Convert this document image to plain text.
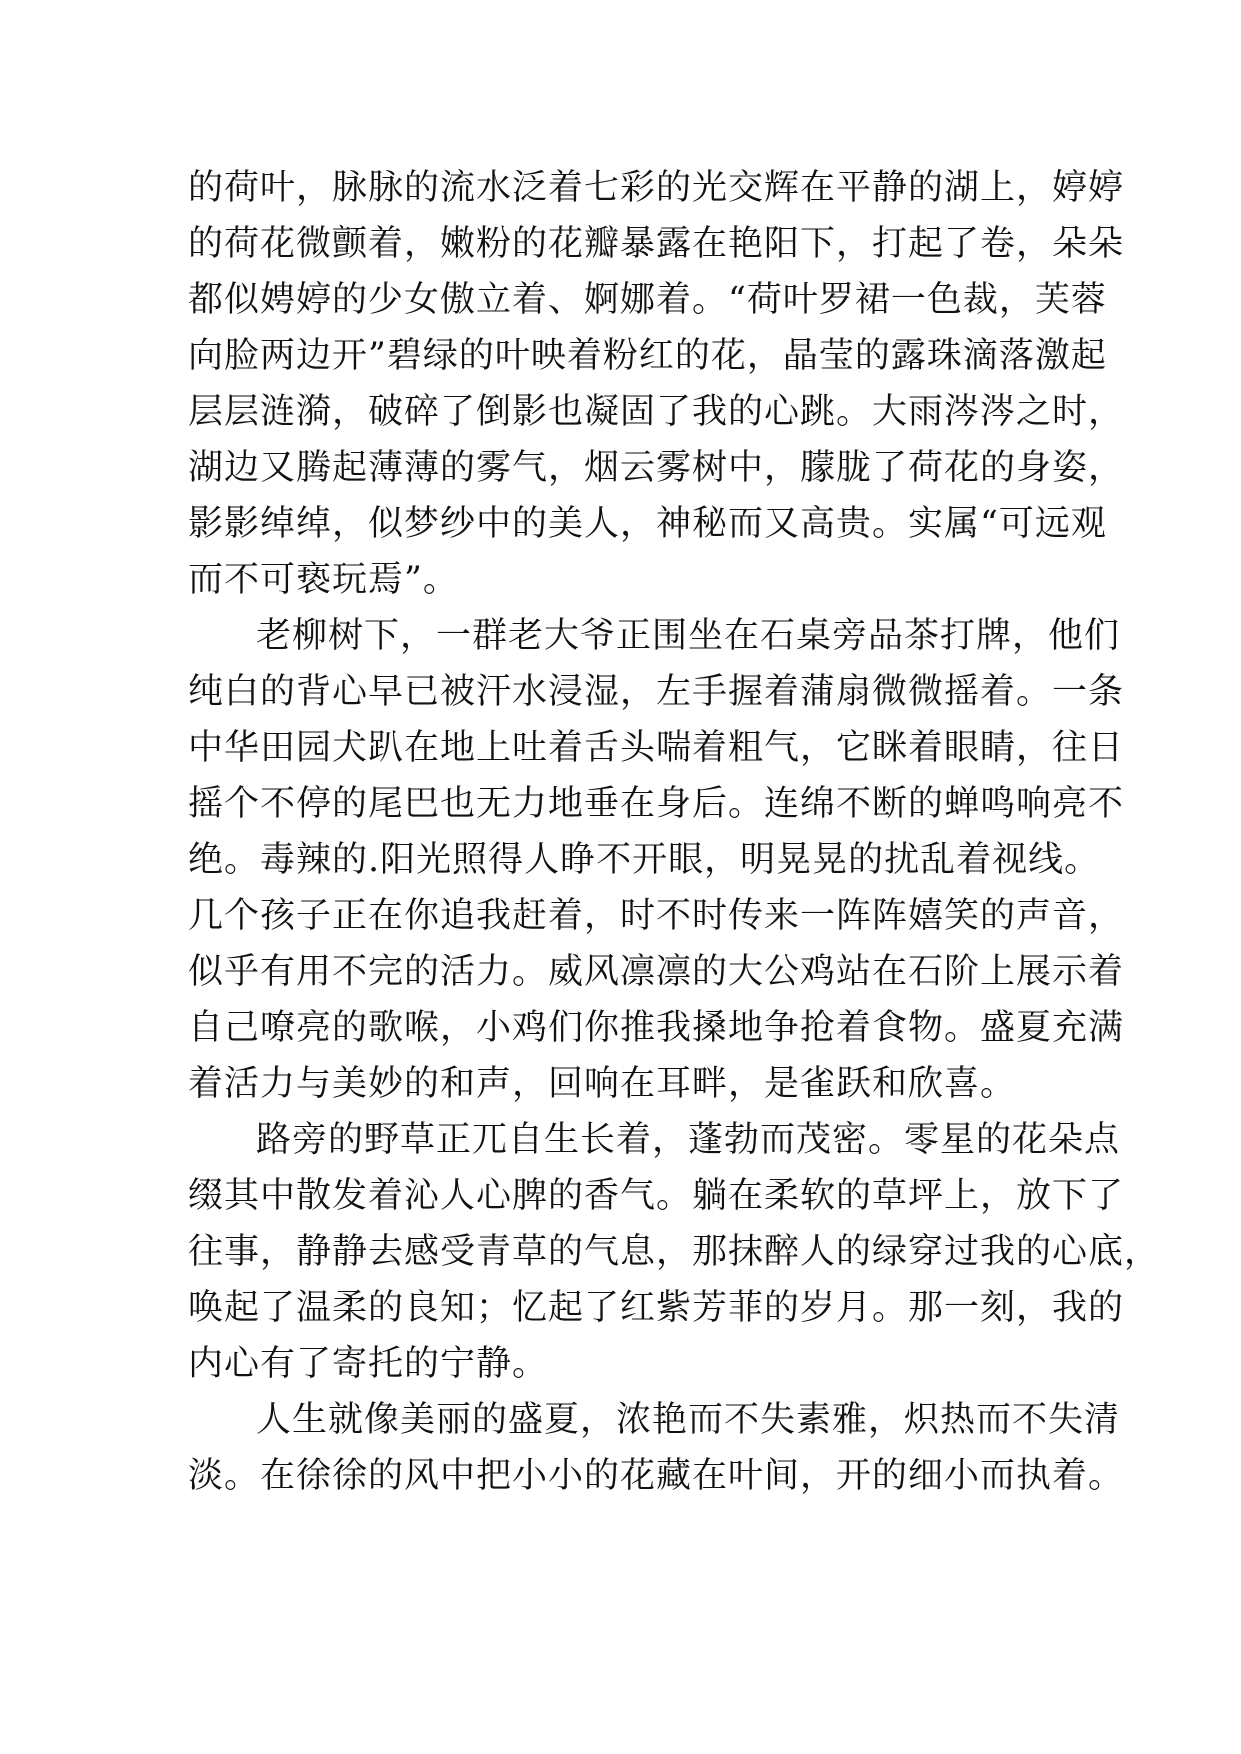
的荷叶，脉脉的流水泛着七彩的光交辉在平静的湖上，婷婷
的荷花微颤着，嫩粉的花瓣暴露在艳阳下，打起了卷，朵朵
都似娉婷的少女傲立着、婀娜着。“荷叶罗裙一色裁，芙蓉
向脸两边开”碧绿的叶映着粉红的花，晶莹的露珠滴落激起
层层涟漪，破碎了倒影也凝固了我的心跳。大雨涔涔之时，
湖边又腾起薄薄的雾气，烟云雾树中，朦胧了荷花的身姿，
影影绰绰，似梦纱中的美人，神秘而又高贵。实属“可远观
而不可亵玩焉”。
老柳树下，一群老大爷正围坐在石桌旁品茶打牌，他们
纯白的背心早已被汗水浸湿，左手握着蒲扇微微摇着。一条
中华田园犬趴在地上吐着舌头喘着粗气，它眯着眼睛，往日
摇个不停的尾巴也无力地垂在身后。连绵不断的蝉鸣响亮不
绝。毒辣的.阳光照得人睁不开眼，明晃晃的扰乱着视线。
几个孩子正在你追我赶着，时不时传来一阵阵嬉笑的声音，
似乎有用不完的活力。威风凛凛的大公鸡站在石阶上展示着
自己嘹亮的歌喉，小鸡们你推我搡地争抢着食物。盛夏充满
着活力与美妙的和声，回响在耳畔，是雀跃和欣喜。
路旁的野草正兀自生长着，蓬勃而茂密。零星的花朵点
缀其中散发着沁人心脾的香气。躺在柔软的草坪上，放下了
往事，静静去感受青草的气息，那抹醉人的绿穿过我的心底，
唤起了温柔的良知；忆起了红紫芳菲的岁月。那一刻，我的
内心有了寄托的宁静。
人生就像美丽的盛夏，浓艳而不失素雅，炽热而不失清
淡。在徐徐的风中把小小的花藏在叶间，开的细小而执着。
